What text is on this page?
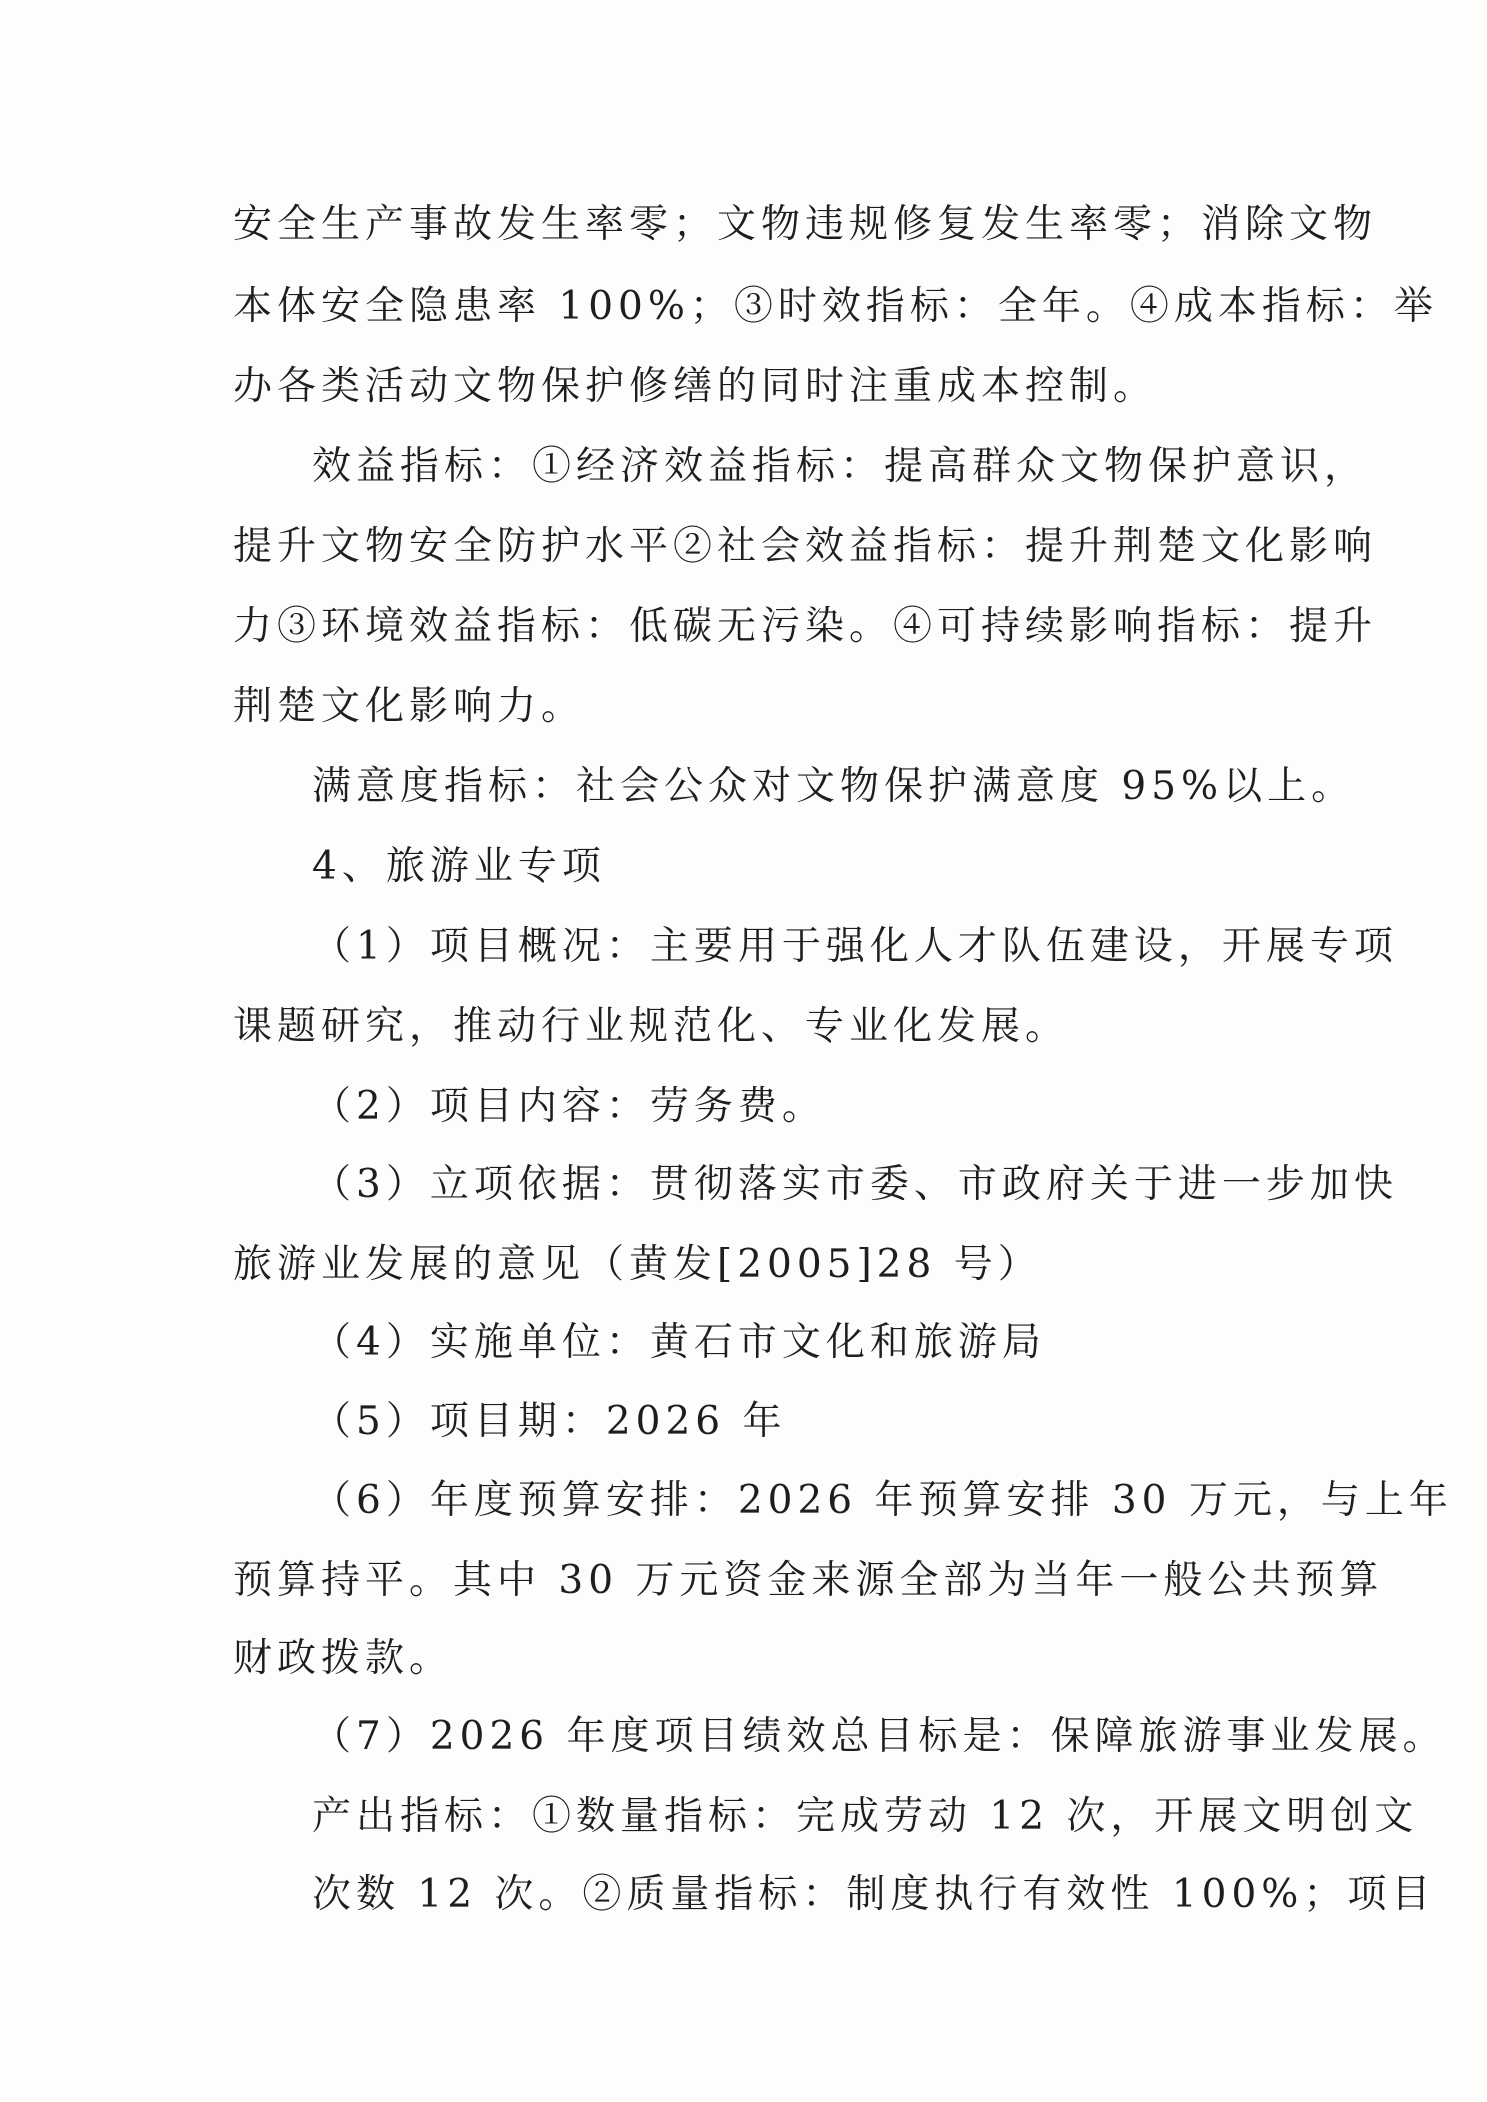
安全生产事故发生率零；文物违规修复发生率零；消除文物

本体安全隐患率 100%；③时效指标：全年。④成本指标：举

办各类活动文物保护修缮的同时注重成本控制。

效益指标：①经济效益指标：提高群众文物保护意识，

提升文物安全防护水平②社会效益指标：提升荆楚文化影响

力③环境效益指标：低碳无污染。④可持续影响指标：提升

荆楚文化影响力。

满意度指标：社会公众对文物保护满意度 95%以上。

4、旅游业专项

（1）项目概况：主要用于强化人才队伍建设，开展专项

课题研究，推动行业规范化、专业化发展。

（2）项目内容：劳务费。

（3）立项依据：贯彻落实市委、市政府关于进一步加快

旅游业发展的意见（黄发[2005]28 号）

（4）实施单位：黄石市文化和旅游局

（5）项目期：2026 年

（6）年度预算安排：2026 年预算安排 30 万元，与上年

预算持平。其中 30 万元资金来源全部为当年一般公共预算

财政拨款。

（7）2026 年度项目绩效总目标是：保障旅游事业发展。

产出指标：①数量指标：完成劳动 12 次，开展文明创文

次数 12 次。②质量指标：制度执行有效性 100%；项目
